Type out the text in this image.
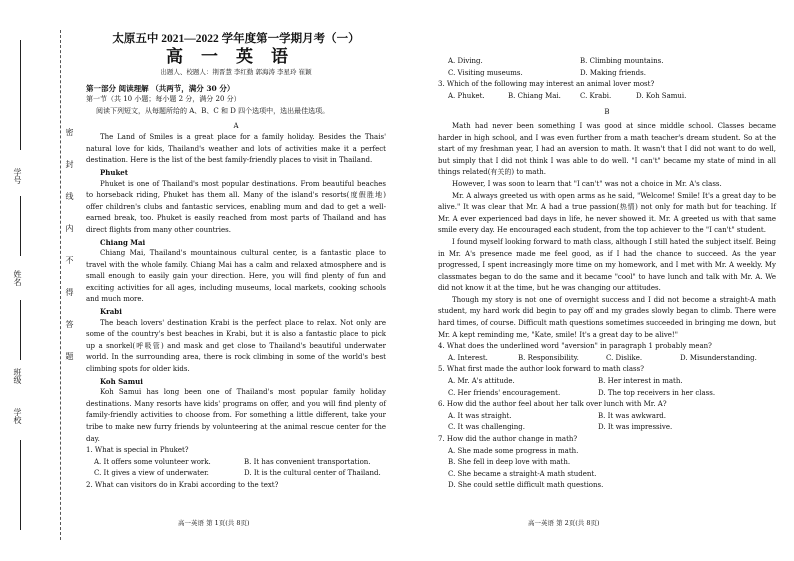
学号
姓名
班级
学校
密
封
线
内
不
得
答
题
太原五中 2021—2022 学年度第一学期月考（一）
高一英语
出题人、校题人：荆晋慧 李红勤 郭海涛 李星玲 崔颖
第一部分 阅读理解 （共两节，满分 30 分）
第一节（共 10 小题；每小题 2 分，满分 20 分）
阅读下列短文，从每题所给的 A、B、C 和 D 四个选项中，选出最佳选项。
A

The Land of Smiles is a great place for a family holiday. Besides the Thais' natural love for kids, Thailand's weather and lots of activities make it a perfect destination. Here is the list of the best family-friendly places to visit in Thailand.

Phuket

Phuket is one of Thailand's most popular destinations. From beautiful beaches to horseback riding, Phuket has them all. Many of the island's resorts(度假胜地) offer children's clubs and fantastic services, enabling mum and dad to get a well-earned break, too. Phuket is easily reached from most parts of Thailand and has direct flights from many other countries.

Chiang Mai

Chiang Mai, Thailand's mountainous cultural center, is a fantastic place to travel with the whole family. Chiang Mai has a calm and relaxed atmosphere and is small enough to easily gain your direction. Here, you will find plenty of fun and exciting activities for all ages, including museums, local markets, cooking schools and much more.

Krabi

The beach lovers' destination Krabi is the perfect place to relax. Not only are some of the country's best beaches in Krabi, but it is also a fantastic place to pick up a snorkel(呼吸管) and mask and get close to Thailand's beautiful underwater world. In the surrounding area, there is rock climbing in some of the world's best climbing spots for older kids.

Koh Samui

Koh Samui has long been one of Thailand's most popular family holiday destinations. Many resorts have kids' programs on offer, and you will find plenty of family-friendly activities to choose from. For something a little different, take your tribe to make new furry friends by volunteering at the animal rescue center for the day.

1. What is special in Phuket?
A. It offers some volunteer work.	B. It has convenient transportation.
C. It gives a view of underwater.	D. It is the cultural center of Thailand.
2. What can visitors do in Krabi according to the text?
高一英语 第 1页(共 8页)
A. Diving.	B. Climbing mountains.
C. Visiting museums.	D. Making friends.
3. Which of the following may interest an animal lover most?
A. Phuket.	B. Chiang Mai.	C. Krabi.	D. Koh Samui.
B

Math had never been something I was good at since middle school. Classes became harder in high school, and I was even further from a math teacher's dream student. So at the start of my freshman year, I had an aversion to math. It wasn't that I did not want to do well, but simply that I did not think I was able to do well. "I can't" became my state of mind in all things related(有关的) to math.

However, I was soon to learn that "I can't" was not a choice in Mr. A's class.

Mr. A always greeted us with open arms as he said, "Welcome! Smile! It's a great day to be alive." It was clear that Mr. A had a true passion(热情) not only for math but for teaching. If Mr. A ever experienced bad days in life, he never showed it. Mr. A greeted us with that same smile every day. He encouraged each student, from the top achiever to the "I can't" student.

I found myself looking forward to math class, although I still hated the subject itself. Being in Mr. A's presence made me feel good, as if I had the chance to succeed. As the year progressed, I spent increasingly more time on my homework, and I met with Mr. A weekly. My classmates began to do the same and it became "cool" to have lunch and talk with Mr. A. We did not know it at the time, but he was changing our attitudes.

Though my story is not one of overnight success and I did not become a straight-A math student, my hard work did begin to pay off and my grades slowly began to climb. There were hard times, of course. Difficult math questions sometimes succeeded in bringing me down, but Mr. A kept reminding me, "Kate, smile! It's a great day to be alive!"

4. What does the underlined word "aversion" in paragraph 1 probably mean?
A. Interest.	B. Responsibility.	C. Dislike.	D. Misunderstanding.
5. What first made the author look forward to math class?
A. Mr. A's attitude.	B. Her interest in math.
C. Her friends' encouragement.	D. The top receivers in her class.
6. How did the author feel about her talk over lunch with Mr. A?
A. It was straight.	B. It was awkward.
C. It was challenging.	D. It was impressive.
7. How did the author change in math?
A. She made some progress in math.
B. She fell in deep love with math.
C. She became a straight-A math student.
D. She could settle difficult math questions.
高一英语 第 2页(共 8页)
